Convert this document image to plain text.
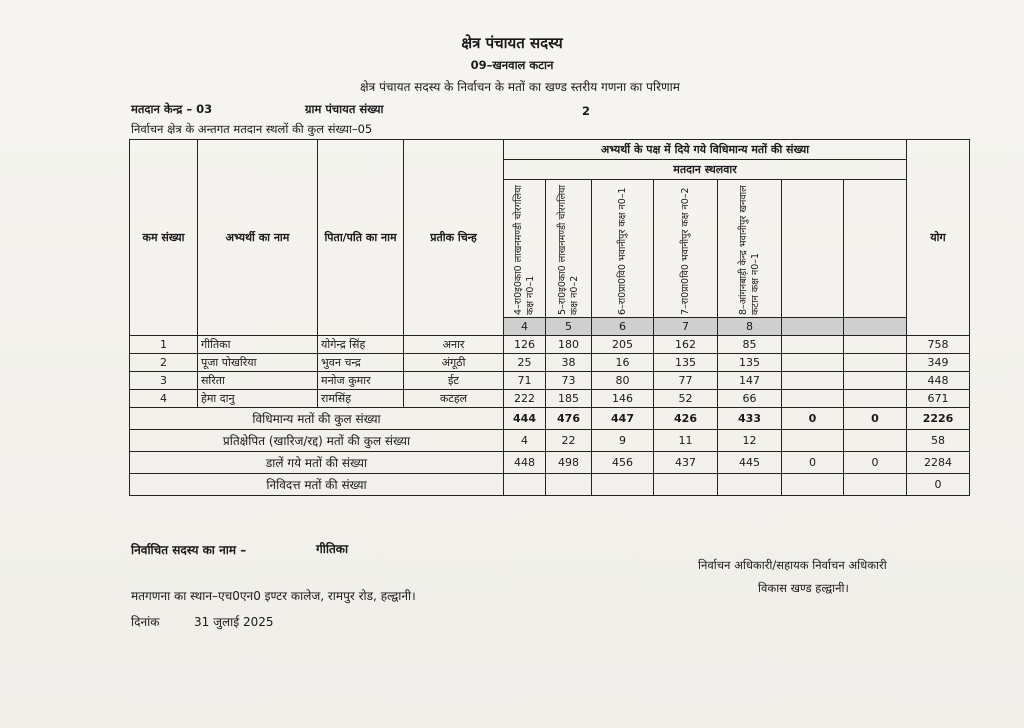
क्षेत्र पंचायत सदस्य
09–खनवाल कटान
क्षेत्र पंचायत सदस्य के निर्वाचन के मतों का खण्ड स्तरीय गणना का परिणाम
मतदान केन्द्र – 03	ग्राम पंचायत संख्या	2
निर्वाचन क्षेत्र के अन्तगत मतदान स्थलों की कुल संख्या–05
कम संख्या	अभ्यर्थी का नाम	पिता/पति का नाम	प्रतीक चिन्ह	अभ्यर्थी के पक्ष में दिये गये विधिमान्य मतों की संख्या							योग
				मतदान स्थलवार							

				4–रा0इ0का0 लाखनमण्डी चोरगलिया कक्ष न0–1	5–रा0इ0का0 लाखनमण्डी चोरगलिया कक्ष न0–2	6–रा0प्रा0वि0 भवानीपुर कक्ष न0–1	7–रा0प्रा0वि0 भवानीपुर कक्ष न0–2	8–आंगनबाड़ी केन्द्र भवानीपुर खनवाल कटान कक्ष न0–1			

				4	5	6	7	8			
1	गीतिका	योगेन्द्र सिंह	अनार	126	180	205	162	85			758
2	पूजा पोखरिया	भुवन चन्द्र	अंगूठी	25	38	16	135	135			349
3	सरिता	मनोज कुमार	ईट	71	73	80	77	147			448
4	हेमा दानु	रामसिंह	कटहल	222	185	146	52	66			671
विधिमान्य मतों की कुल संख्या				444	476	447	426	433	0	0	2226
प्रतिक्षेपित (खारिज/रद्द) मतों की कुल संख्या				4	22	9	11	12			58
डालें गये मतों की संख्या				448	498	456	437	445	0	0	2284
निविदत्त मतों की संख्या											0
निर्वाचित सदस्य का नाम –	गीतिका
निर्वाचन अधिकारी/सहायक निर्वाचन अधिकारी
विकास खण्ड हल्द्वानी।
मतगणना का स्थान–एच0एन0 इण्टर कालेज, रामपुर रोड, हल्द्वानी।
दिनांक	31 जुलाई 2025
